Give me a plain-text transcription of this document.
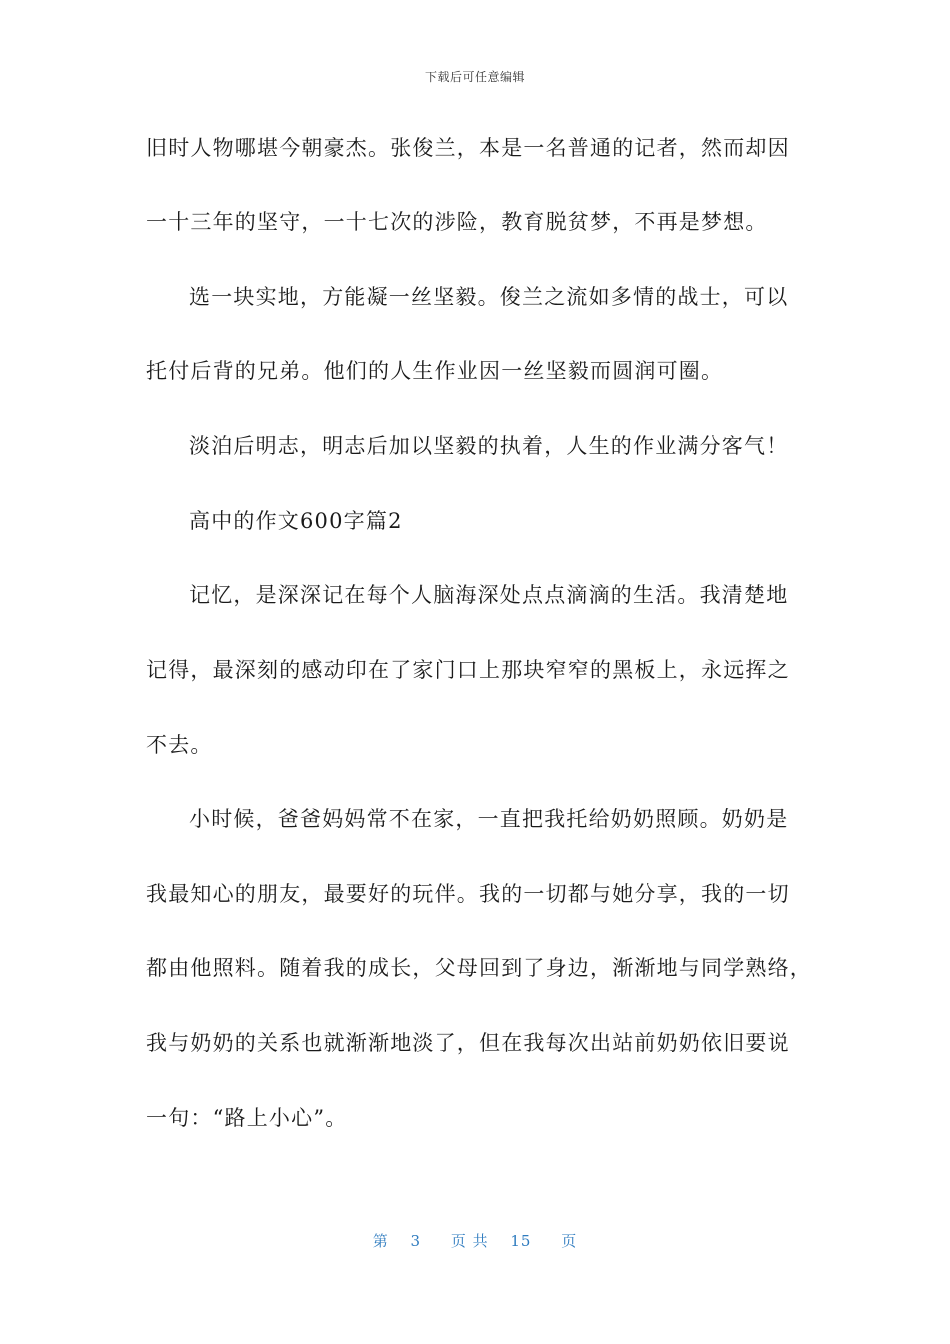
下载后可任意编辑
旧时人物哪堪今朝豪杰。张俊兰，本是一名普通的记者，然而却因
一十三年的坚守，一十七次的涉险，教育脱贫梦，不再是梦想。
选一块实地，方能凝一丝坚毅。俊兰之流如多情的战士，可以
托付后背的兄弟。他们的人生作业因一丝坚毅而圆润可圈。
淡泊后明志，明志后加以坚毅的执着，人生的作业满分客气！
高中的作文600字篇2
记忆，是深深记在每个人脑海深处点点滴滴的生活。我清楚地
记得，最深刻的感动印在了家门口上那块窄窄的黑板上，永远挥之
不去。
小时候，爸爸妈妈常不在家，一直把我托给奶奶照顾。奶奶是
我最知心的朋友，最要好的玩伴。我的一切都与她分享，我的一切
都由他照料。随着我的成长，父母回到了身边，渐渐地与同学熟络，
我与奶奶的关系也就渐渐地淡了，但在我每次出站前奶奶依旧要说
一句：“路上小心”。
第 3 页 共 15 页
